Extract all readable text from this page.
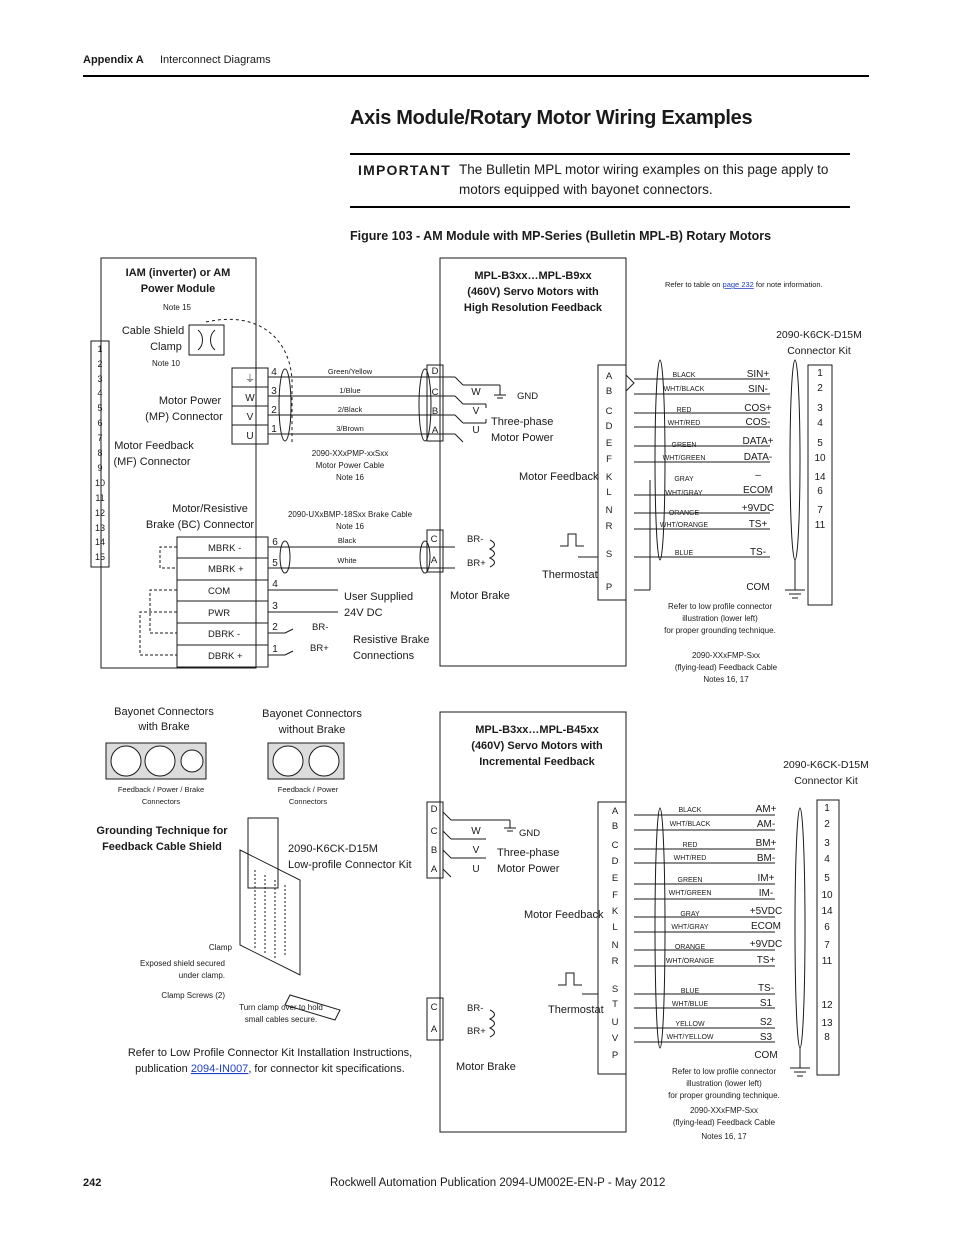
Appendix A Interconnect Diagrams
Axis Module/Rotary Motor Wiring Examples
IMPORTANT The Bulletin MPL motor wiring examples on this page apply to motors equipped with bayonet connectors.
Figure 103 - AM Module with MP-Series (Bulletin MPL-B) Rotary Motors
IAM (inverter) or AM
Power Module
Note 15
Cable Shield
Clamp
Note 10
Motor Power
(MP) Connector
Motor Feedback
(MF) Connector
Motor/Resistive
Brake (BC) Connector
1
2
3
4
5
6
7
8
9
10
11
12
13
14
15
⏚
W
V
U
4
3
2
1
MBRK -
MBRK +
COM
PWR
DBRK -
DBRK +
6
5
4
3
2
1
Green/Yellow
1/Blue
2/Black
3/Brown
2090-XXxPMP-xxSxx
Motor Power Cable
Note 16
2090-UXxBMP-18Sxx Brake Cable
Note 16
Black
White
User Supplied
24V DC
BR-
BR+
Resistive Brake
Connections
MPL-B3xx…MPL-B9xx
(460V) Servo Motors with
High Resolution Feedback
D
C
B
A
W
V
U
GND
Three-phase
Motor Power
Motor Feedback
Motor Brake
Thermostat
C
A
BR-
BR+
A
B
C
D
E
F
K
L
N
R
S
P
BLACK
WHT/BLACK
RED
WHT/RED
GREEN
WHT/GREEN
GRAY
WHT/GRAY
ORANGE
WHT/ORANGE
BLUE
SIN+
SIN-
COS+
COS-
DATA+
DATA-
–
ECOM
+9VDC
TS+
TS-
COM
1
2
3
4
5
10
14
6
7
11
Refer to table on page 232 for note information.
2090-K6CK-D15M
Connector Kit
Refer to low profile connector
illustration (lower left)
for proper grounding technique.
2090-XXxFMP-Sxx
(flying-lead) Feedback Cable
Notes 16, 17
Bayonet Connectors
with Brake
Bayonet Connectors
without Brake
Feedback / Power / Brake
Connectors
Feedback / Power
Connectors
Grounding Technique for
Feedback Cable Shield	2090-K6CK-D15M
Low-profile Connector Kit
Clamp
Exposed shield secured
under clamp.
Clamp Screws (2)
Turn clamp over to hold
small cables secure.
Refer to Low Profile Connector Kit Installation Instructions,
publication 2094-IN007, for connector kit specifications.
MPL-B3xx…MPL-B45xx
(460V) Servo Motors with
Incremental Feedback
D
C
B
A
W
V
U
GND
Three-phase
Motor Power
Motor Feedback
Motor Brake
Thermostat
C
A
BR-
BR+
A
B
C
D
E
F
K
L
N
R
S
T
U
V
P
BLACK
WHT/BLACK
RED
WHT/RED
GREEN
WHT/GREEN
GRAY
WHT/GRAY
ORANGE
WHT/ORANGE
BLUE
WHT/BLUE
YELLOW
WHT/YELLOW
AM+
AM-
BM+
BM-
IM+
IM-
+5VDC
ECOM
+9VDC
TS+
TS-
S1
S2
S3
COM
1
2
3
4
5
10
14
6
7
11
12
13
8
2090-K6CK-D15M
Connector Kit
Refer to low profile connector
illustration (lower left)
for proper grounding technique.
2090-XXxFMP-Sxx
(flying-lead) Feedback Cable
Notes 16, 17
242	Rockwell Automation Publication 2094-UM002E-EN-P - May 2012
